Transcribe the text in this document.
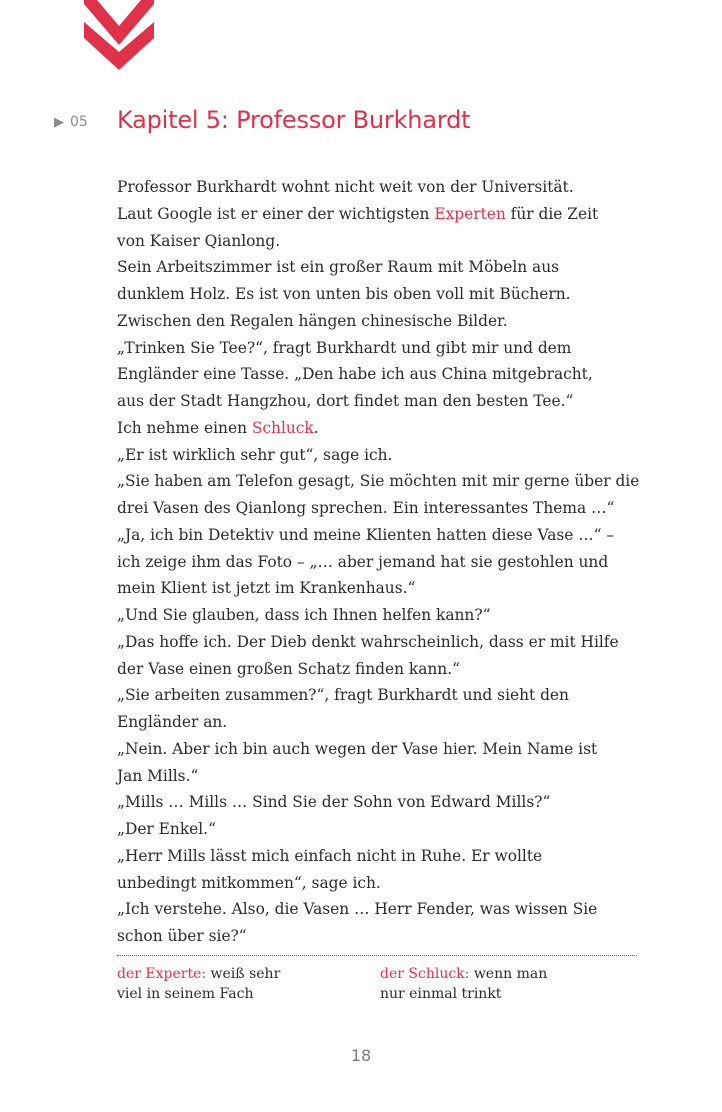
▶ 05 Kapitel 5: Professor Burkhardt
Professor Burkhardt wohnt nicht weit von der Universität.
Laut Google ist er einer der wichtigsten Experten für die Zeit
von Kaiser Qianlong.
Sein Arbeitszimmer ist ein großer Raum mit Möbeln aus
dunklem Holz. Es ist von unten bis oben voll mit Büchern.
Zwischen den Regalen hängen chinesische Bilder.
„Trinken Sie Tee?“, fragt Burkhardt und gibt mir und dem
Engländer eine Tasse. „Den habe ich aus China mitgebracht,
aus der Stadt Hangzhou, dort findet man den besten Tee.“
Ich nehme einen Schluck.
„Er ist wirklich sehr gut“, sage ich.
„Sie haben am Telefon gesagt, Sie möchten mit mir gerne über die
drei Vasen des Qianlong sprechen. Ein interessantes Thema …“
„Ja, ich bin Detektiv und meine Klienten hatten diese Vase …“ –
ich zeige ihm das Foto – „… aber jemand hat sie gestohlen und
mein Klient ist jetzt im Krankenhaus.“
„Und Sie glauben, dass ich Ihnen helfen kann?“
„Das hoffe ich. Der Dieb denkt wahrscheinlich, dass er mit Hilfe
der Vase einen großen Schatz finden kann.“
„Sie arbeiten zusammen?“, fragt Burkhardt und sieht den
Engländer an.
„Nein. Aber ich bin auch wegen der Vase hier. Mein Name ist
Jan Mills.“
„Mills … Mills … Sind Sie der Sohn von Edward Mills?“
„Der Enkel.“
„Herr Mills lässt mich einfach nicht in Ruhe. Er wollte
unbedingt mitkommen“, sage ich.
„Ich verstehe. Also, die Vasen … Herr Fender, was wissen Sie
schon über sie?“
der Experte: weiß sehr
viel in seinem Fach
der Schluck: wenn man
nur einmal trinkt
18
